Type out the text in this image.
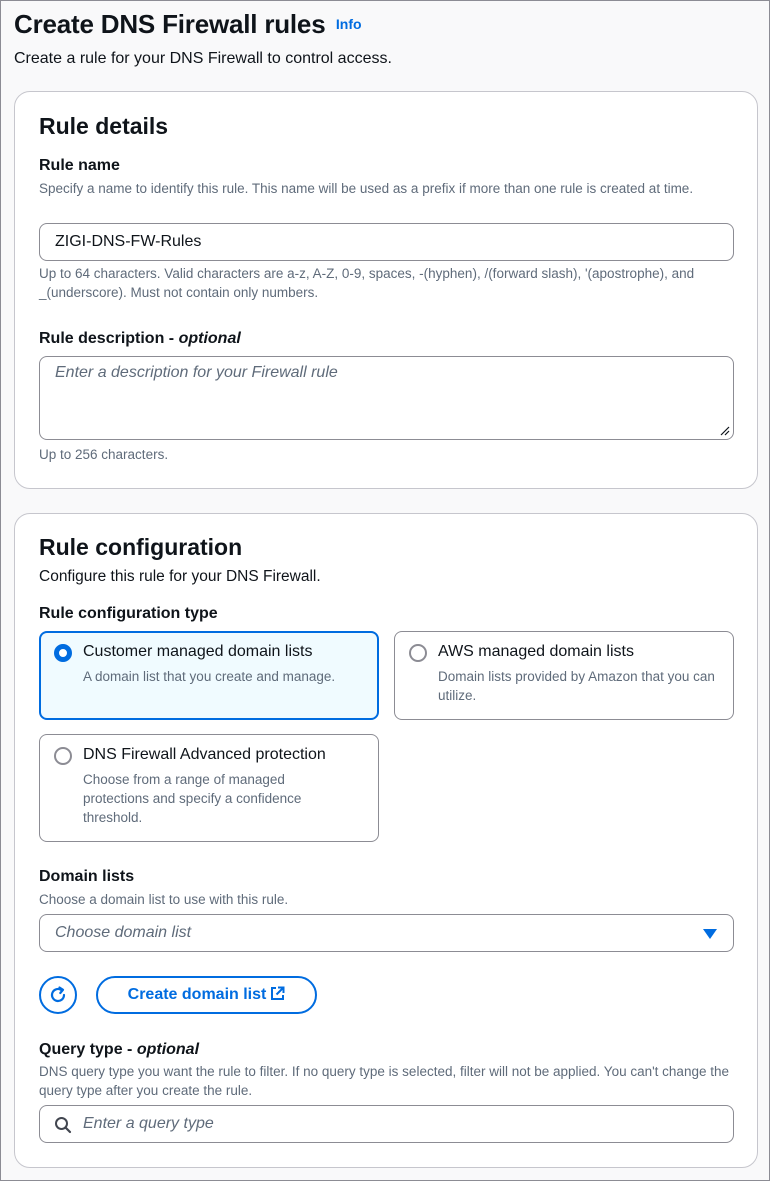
Create DNS Firewall rules Info
Create a rule for your DNS Firewall to control access.
Rule details
Rule name
Specify a name to identify this rule. This name will be used as a prefix if more than one rule is created at time.
ZIGI-DNS-FW-Rules
Up to 64 characters. Valid characters are a-z, A-Z, 0-9, spaces, -(hyphen), /(forward slash), '(apostrophe), and _(underscore). Must not contain only numbers.
Rule description - optional
Enter a description for your Firewall rule
Up to 256 characters.
Rule configuration
Configure this rule for your DNS Firewall.
Rule configuration type
Customer managed domain lists
A domain list that you create and manage.
AWS managed domain lists
Domain lists provided by Amazon that you can utilize.
DNS Firewall Advanced protection
Choose from a range of managed protections and specify a confidence threshold.
Domain lists
Choose a domain list to use with this rule.
Choose domain list
Create domain list
Query type - optional
DNS query type you want the rule to filter. If no query type is selected, filter will not be applied. You can't change the query type after you create the rule.
Enter a query type
